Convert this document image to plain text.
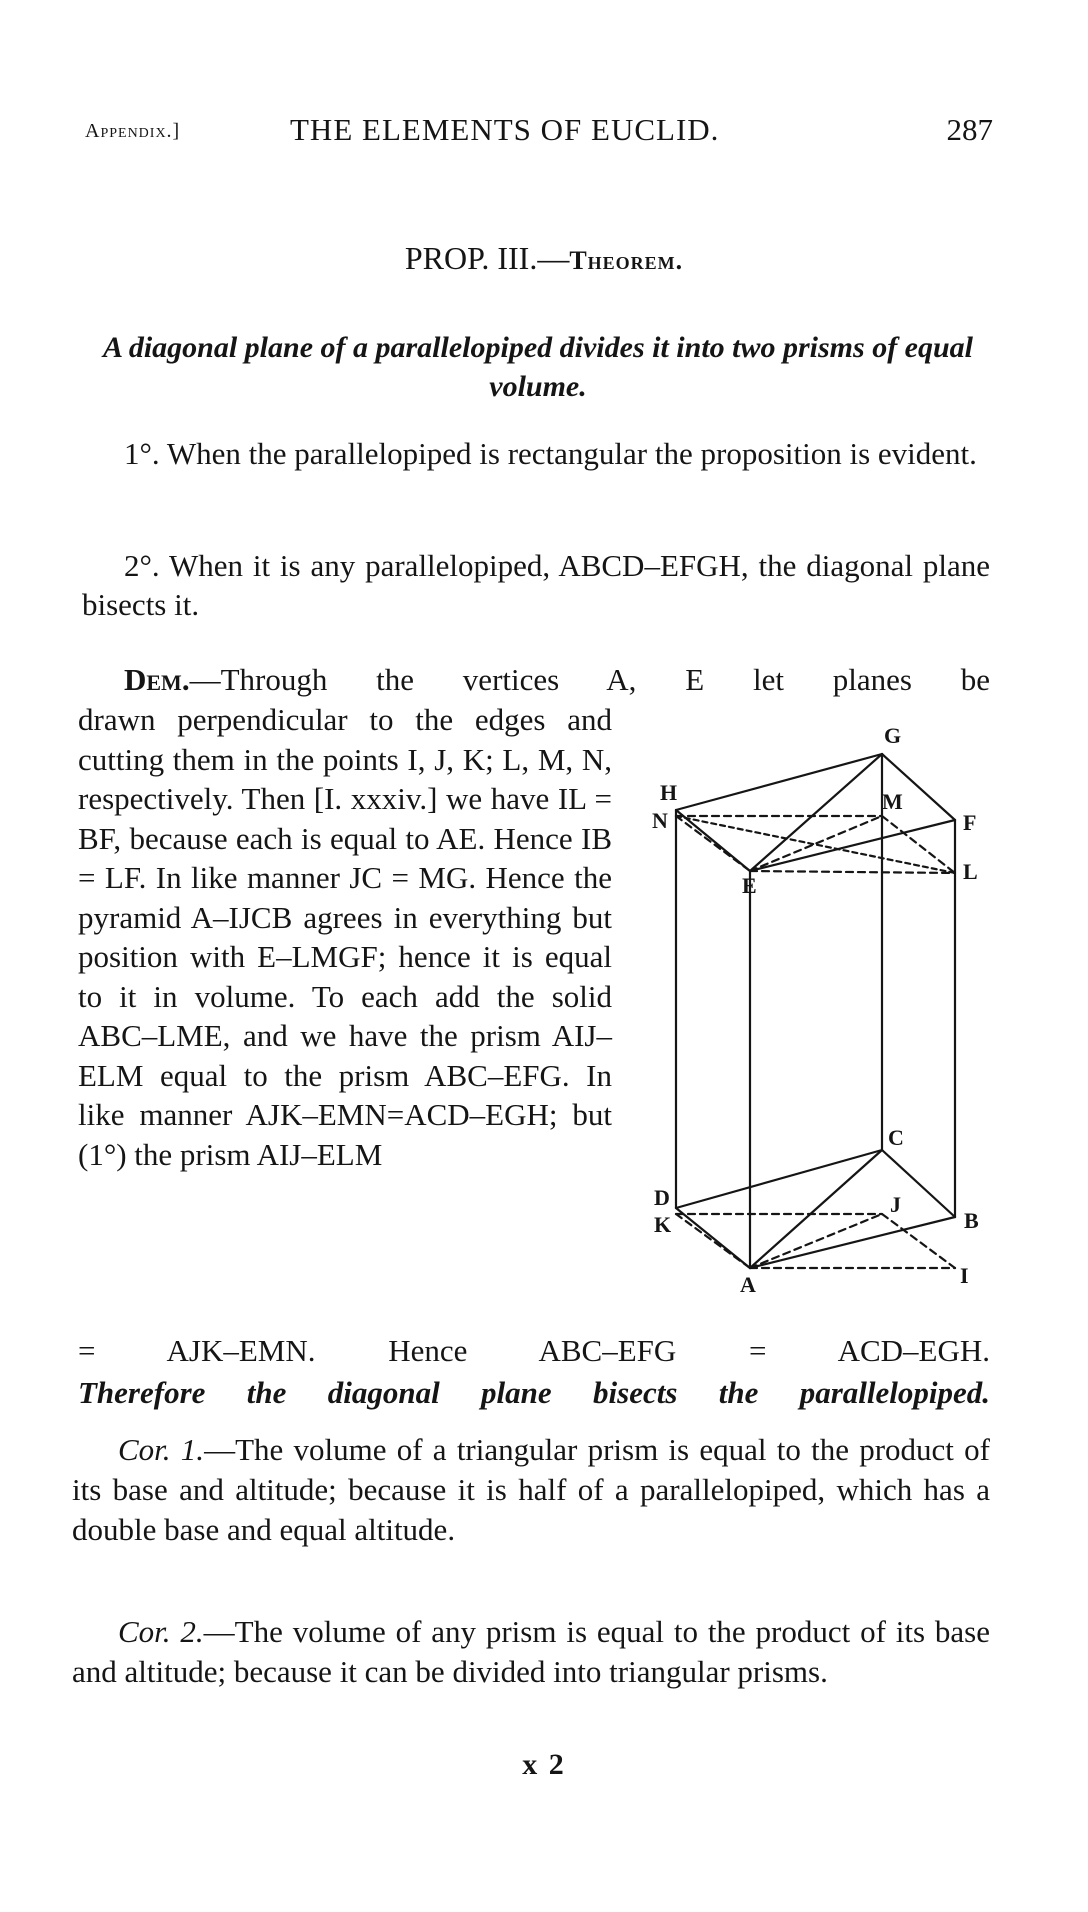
Appendix.]	THE ELEMENTS OF EUCLID.	287
PROP. III.—Theorem.
A diagonal plane of a parallelopiped divides it into two prisms of equal volume.
1°. When the parallelopiped is rectangular the proposition is evident.
2°. When it is any parallelopiped, ABCD–EFGH, the diagonal plane bisects it.
Dem.—Through the vertices A, E let planes be
drawn perpendicular to the edges and cutting them in the points I, J, K; L, M, N, respectively. Then [I. xxxiv.] we have IL = BF, because each is equal to AE. Hence IB = LF. In like manner JC = MG. Hence the pyramid A–IJCB agrees in everything but position with E–LMGF; hence it is equal to it in volume. To each add the solid ABC–LME, and we have the prism AIJ–ELM equal to the prism ABC–EFG. In like manner AJK–EMN=ACD–EGH; but (1°) the prism AIJ–ELM
G
H
N
M
F
L
E
C
D
K
J
B
A	I
= AJK–EMN. Hence ABC–EFG = ACD–EGH.
Therefore the diagonal plane bisects the parallelopiped.
Cor. 1.—The volume of a triangular prism is equal to the product of its base and altitude; because it is half of a parallelopiped, which has a double base and equal altitude.
Cor. 2.—The volume of any prism is equal to the product of its base and altitude; because it can be divided into triangular prisms.
x 2
